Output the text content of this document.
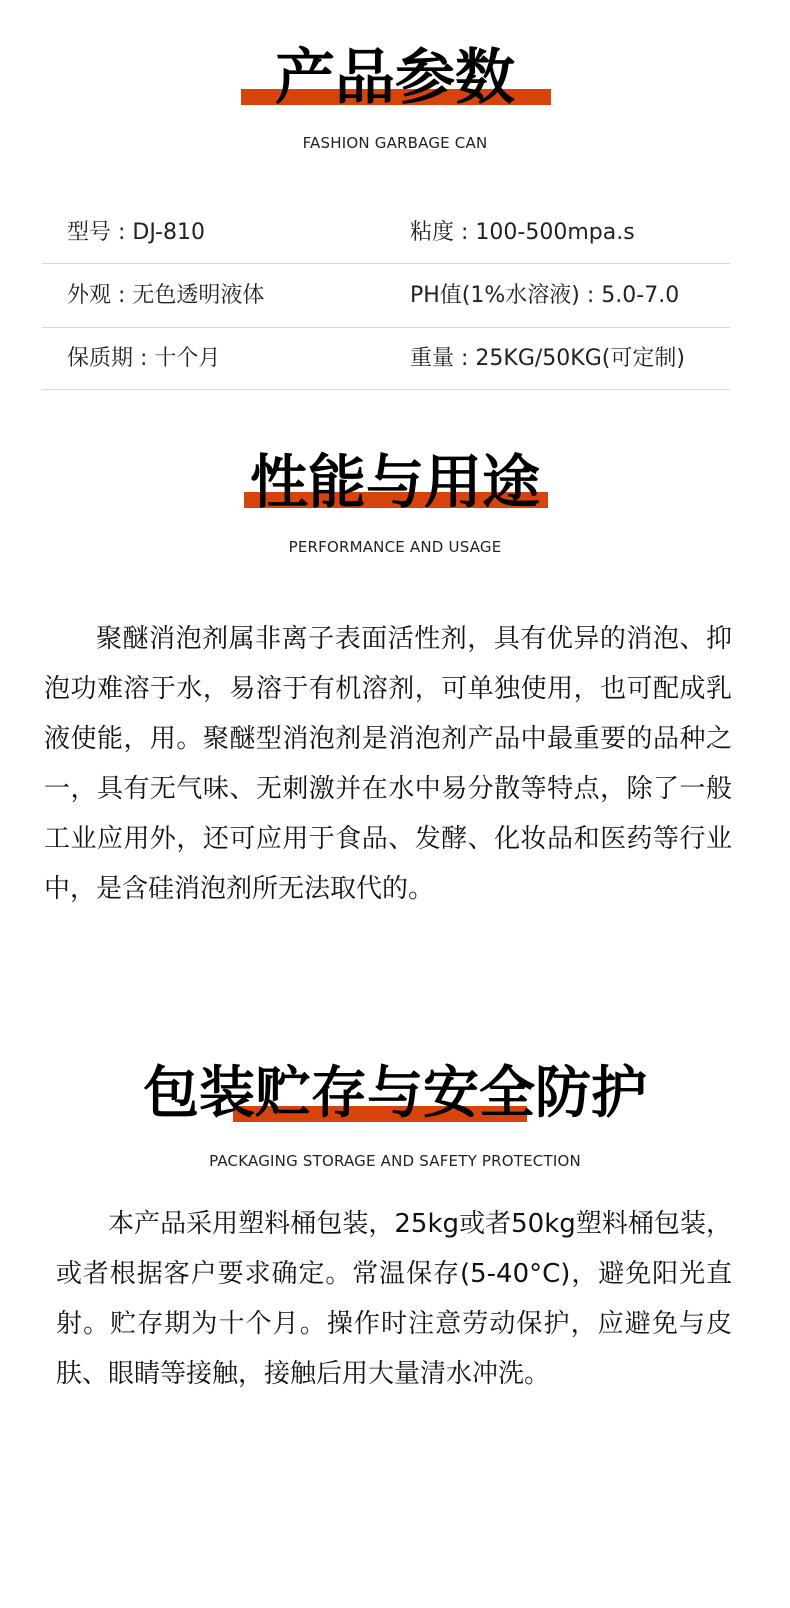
产品参数
FASHION GARBAGE CAN
型号 : DJ-810	粘度 : 100-500mpa.s
外观 : 无色透明液体	PH值(1%水溶液) : 5.0-7.0
保质期 : 十个月	重量 : 25KG/50KG(可定制)
性能与用途
PERFORMANCE AND USAGE
聚醚消泡剂属非离子表面活性剂，具有优异的消泡、抑泡功难溶于水，易溶于有机溶剂，可单独使用，也可配成乳液使能，用。聚醚型消泡剂是消泡剂产品中最重要的品种之一，具有无气味、无刺激并在水中易分散等特点，除了一般工业应用外，还可应用于食品、发酵、化妆品和医药等行业中，是含硅消泡剂所无法取代的。
包装贮存与安全防护
PACKAGING STORAGE AND SAFETY PROTECTION
本产品采用塑料桶包装，25kg或者50kg塑料桶包装，或者根据客户要求确定。常温保存(5-40°C)，避免阳光直射。贮存期为十个月。操作时注意劳动保护，应避免与皮肤、眼睛等接触，接触后用大量清水冲洗。
